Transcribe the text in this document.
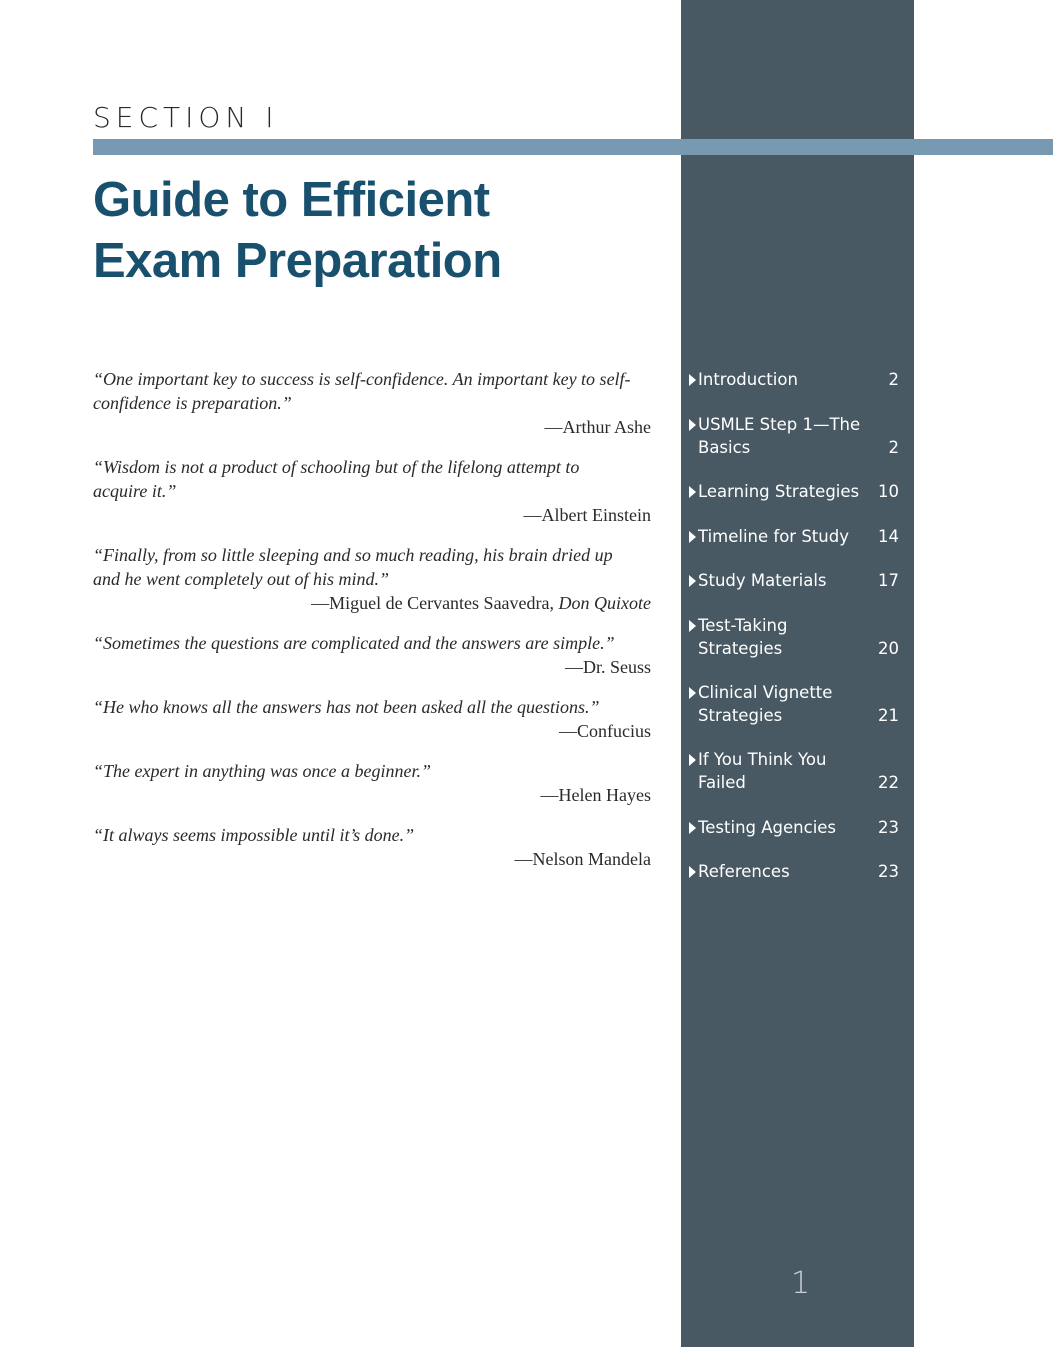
SECTION I
Guide to Efficient
Exam Preparation
“One important key to success is self-confidence. An important key to self-
confidence is preparation.”
—Arthur Ashe
“Wisdom is not a product of schooling but of the lifelong attempt to
acquire it.”
—Albert Einstein
“Finally, from so little sleeping and so much reading, his brain dried up
and he went completely out of his mind.”
—Miguel de Cervantes Saavedra, Don Quixote
“Sometimes the questions are complicated and the answers are simple.”
—Dr. Seuss
“He who knows all the answers has not been asked all the questions.”
—Confucius
“The expert in anything was once a beginner.”
—Helen Hayes
“It always seems impossible until it’s done.”
—Nelson Mandela
Introduction	2
USMLE Step 1—The
Basics	2
Learning Strategies 10
Timeline for Study	14
Study Materials	17
Test-Taking
Strategies	20
Clinical Vignette
Strategies	21
If You Think You
Failed	22
Testing Agencies	23
References	23
1
